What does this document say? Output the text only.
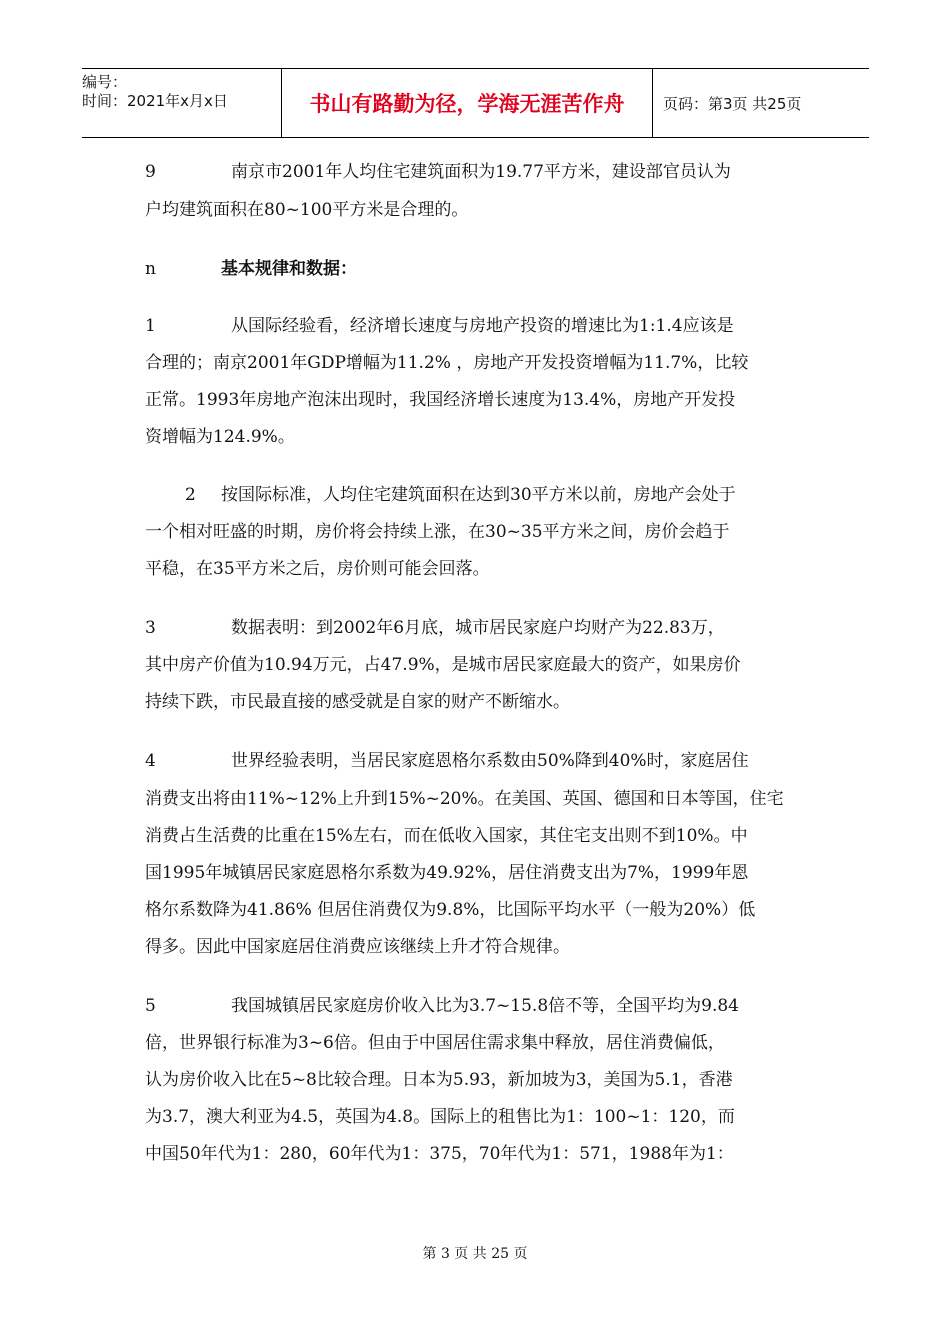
编号：
时间：2021年x月x日	书山有路勤为径，学海无涯苦作舟	页码：第3页 共25页
9	南京市2001年人均住宅建筑面积为19.77平方米，建设部官员认为
户均建筑面积在80~100平方米是合理的。
n	基本规律和数据：
1	从国际经验看，经济增长速度与房地产投资的增速比为1:1.4应该是
合理的；南京2001年GDP增幅为11.2% ，房地产开发投资增幅为11.7%，比较
正常。1993年房地产泡沫出现时，我国经济增长速度为13.4%，房地产开发投
资增幅为124.9%。
2 按国际标准，人均住宅建筑面积在达到30平方米以前，房地产会处于
一个相对旺盛的时期，房价将会持续上涨，在30~35平方米之间，房价会趋于
平稳，在35平方米之后，房价则可能会回落。
3	数据表明：到2002年6月底，城市居民家庭户均财产为22.83万，
其中房产价值为10.94万元，占47.9%，是城市居民家庭最大的资产，如果房价
持续下跌，市民最直接的感受就是自家的财产不断缩水。
4	世界经验表明，当居民家庭恩格尔系数由50%降到40%时，家庭居住
消费支出将由11%~12%上升到15%~20%。在美国、英国、德国和日本等国，住宅
消费占生活费的比重在15%左右，而在低收入国家，其住宅支出则不到10%。中
国1995年城镇居民家庭恩格尔系数为49.92%，居住消费支出为7%，1999年恩
格尔系数降为41.86% 但居住消费仅为9.8%，比国际平均水平（一般为20%）低
得多。因此中国家庭居住消费应该继续上升才符合规律。
5	我国城镇居民家庭房价收入比为3.7~15.8倍不等，全国平均为9.84
倍，世界银行标准为3~6倍。但由于中国居住需求集中释放，居住消费偏低，
认为房价收入比在5~8比较合理。日本为5.93，新加坡为3，美国为5.1，香港
为3.7，澳大利亚为4.5，英国为4.8。国际上的租售比为1：100~1：120，而
中国50年代为1：280，60年代为1：375，70年代为1：571，1988年为1：
第 3 页 共 25 页
